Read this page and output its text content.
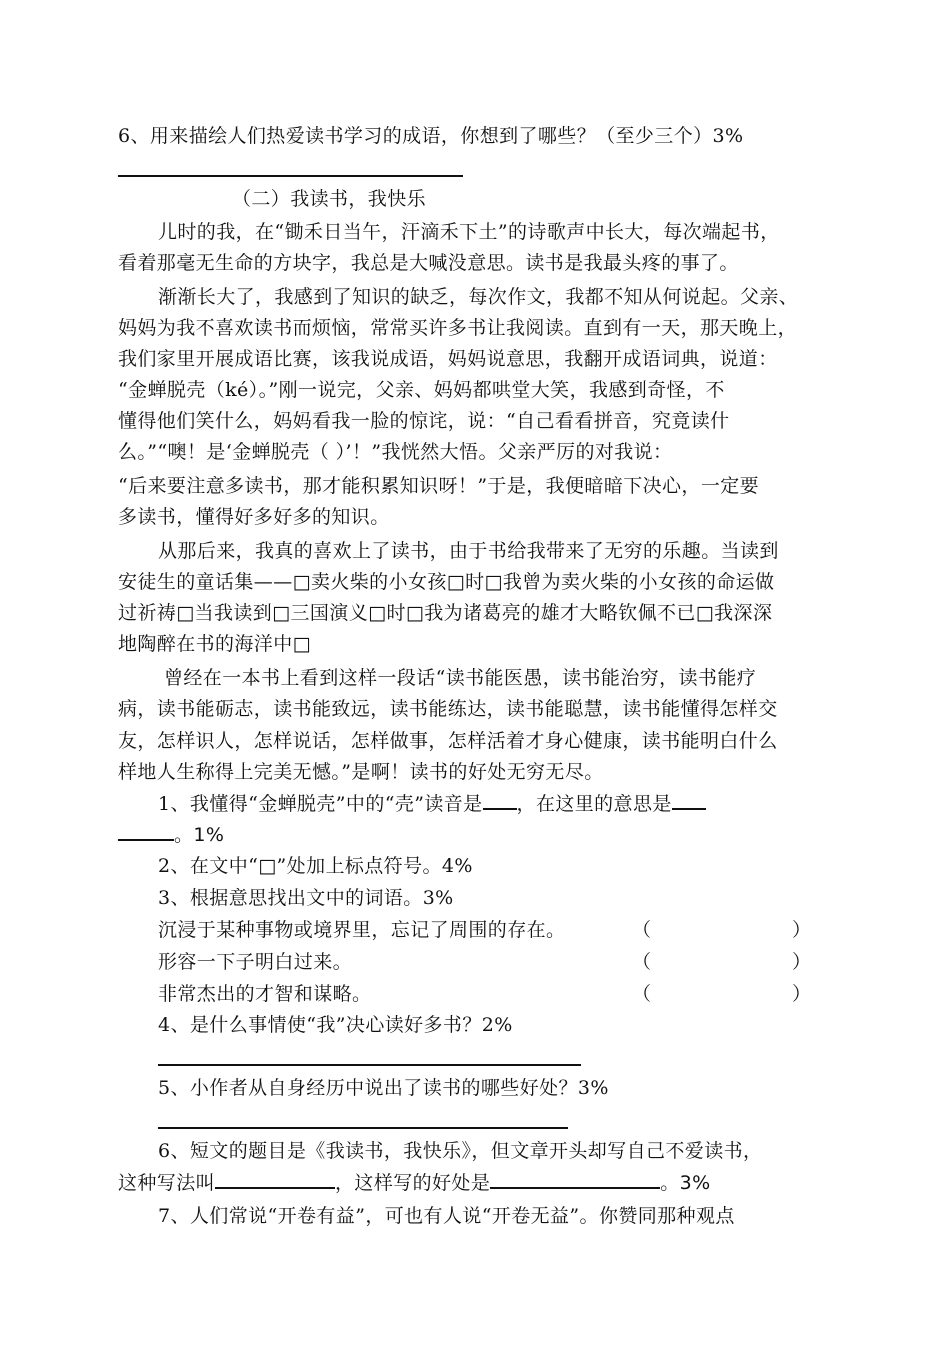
6、用来描绘人们热爱读书学习的成语，你想到了哪些？（至少三个）3%
（二）我读书，我快乐
儿时的我，在“锄禾日当午，汗滴禾下土”的诗歌声中长大，每次端起书，
看着那毫无生命的方块字，我总是大喊没意思。读书是我最头疼的事了。
渐渐长大了，我感到了知识的缺乏，每次作文，我都不知从何说起。父亲、
妈妈为我不喜欢读书而烦恼，常常买许多书让我阅读。直到有一天，那天晚上，
我们家里开展成语比赛，该我说成语，妈妈说意思，我翻开成语词典，说道：
“金蝉脱壳（ké）。”刚一说完，父亲、妈妈都哄堂大笑，我感到奇怪，不
懂得他们笑什么，妈妈看我一脸的惊诧，说：“自己看看拼音，究竟读什
么。”“噢！是‘金蝉脱壳（ ）’！”我恍然大悟。父亲严厉的对我说：
“后来要注意多读书，那才能积累知识呀！”于是，我便暗暗下决心，一定要
多读书，懂得好多好多的知识。
从那后来，我真的喜欢上了读书，由于书给我带来了无穷的乐趣。当读到
安徒生的童话集——□卖火柴的小女孩□时□我曾为卖火柴的小女孩的命运做
过祈祷□当我读到□三国演义□时□我为诸葛亮的雄才大略钦佩不已□我深深
地陶醉在书的海洋中□
曾经在一本书上看到这样一段话“读书能医愚，读书能治穷，读书能疗
病，读书能砺志，读书能致远，读书能练达，读书能聪慧，读书能懂得怎样交
友，怎样识人，怎样说话，怎样做事，怎样活着才身心健康，读书能明白什么
样地人生称得上完美无憾。”是啊！读书的好处无穷无尽。
1、我懂得“金蝉脱壳”中的“壳”读音是 ，在这里的意思是
。1%
2、在文中“□”处加上标点符号。4%
3、根据意思找出文中的词语。3%
沉浸于某种事物或境界里，忘记了周围的存在。	（	）
形容一下子明白过来。	（	）
非常杰出的才智和谋略。	（	）
4、是什么事情使“我”决心读好多书？2%
5、小作者从自身经历中说出了读书的哪些好处？3%
6、短文的题目是《我读书，我快乐》，但文章开头却写自己不爱读书，
这种写法叫	，这样写的好处是	。3%
7、人们常说“开卷有益”，可也有人说“开卷无益”。你赞同那种观点
